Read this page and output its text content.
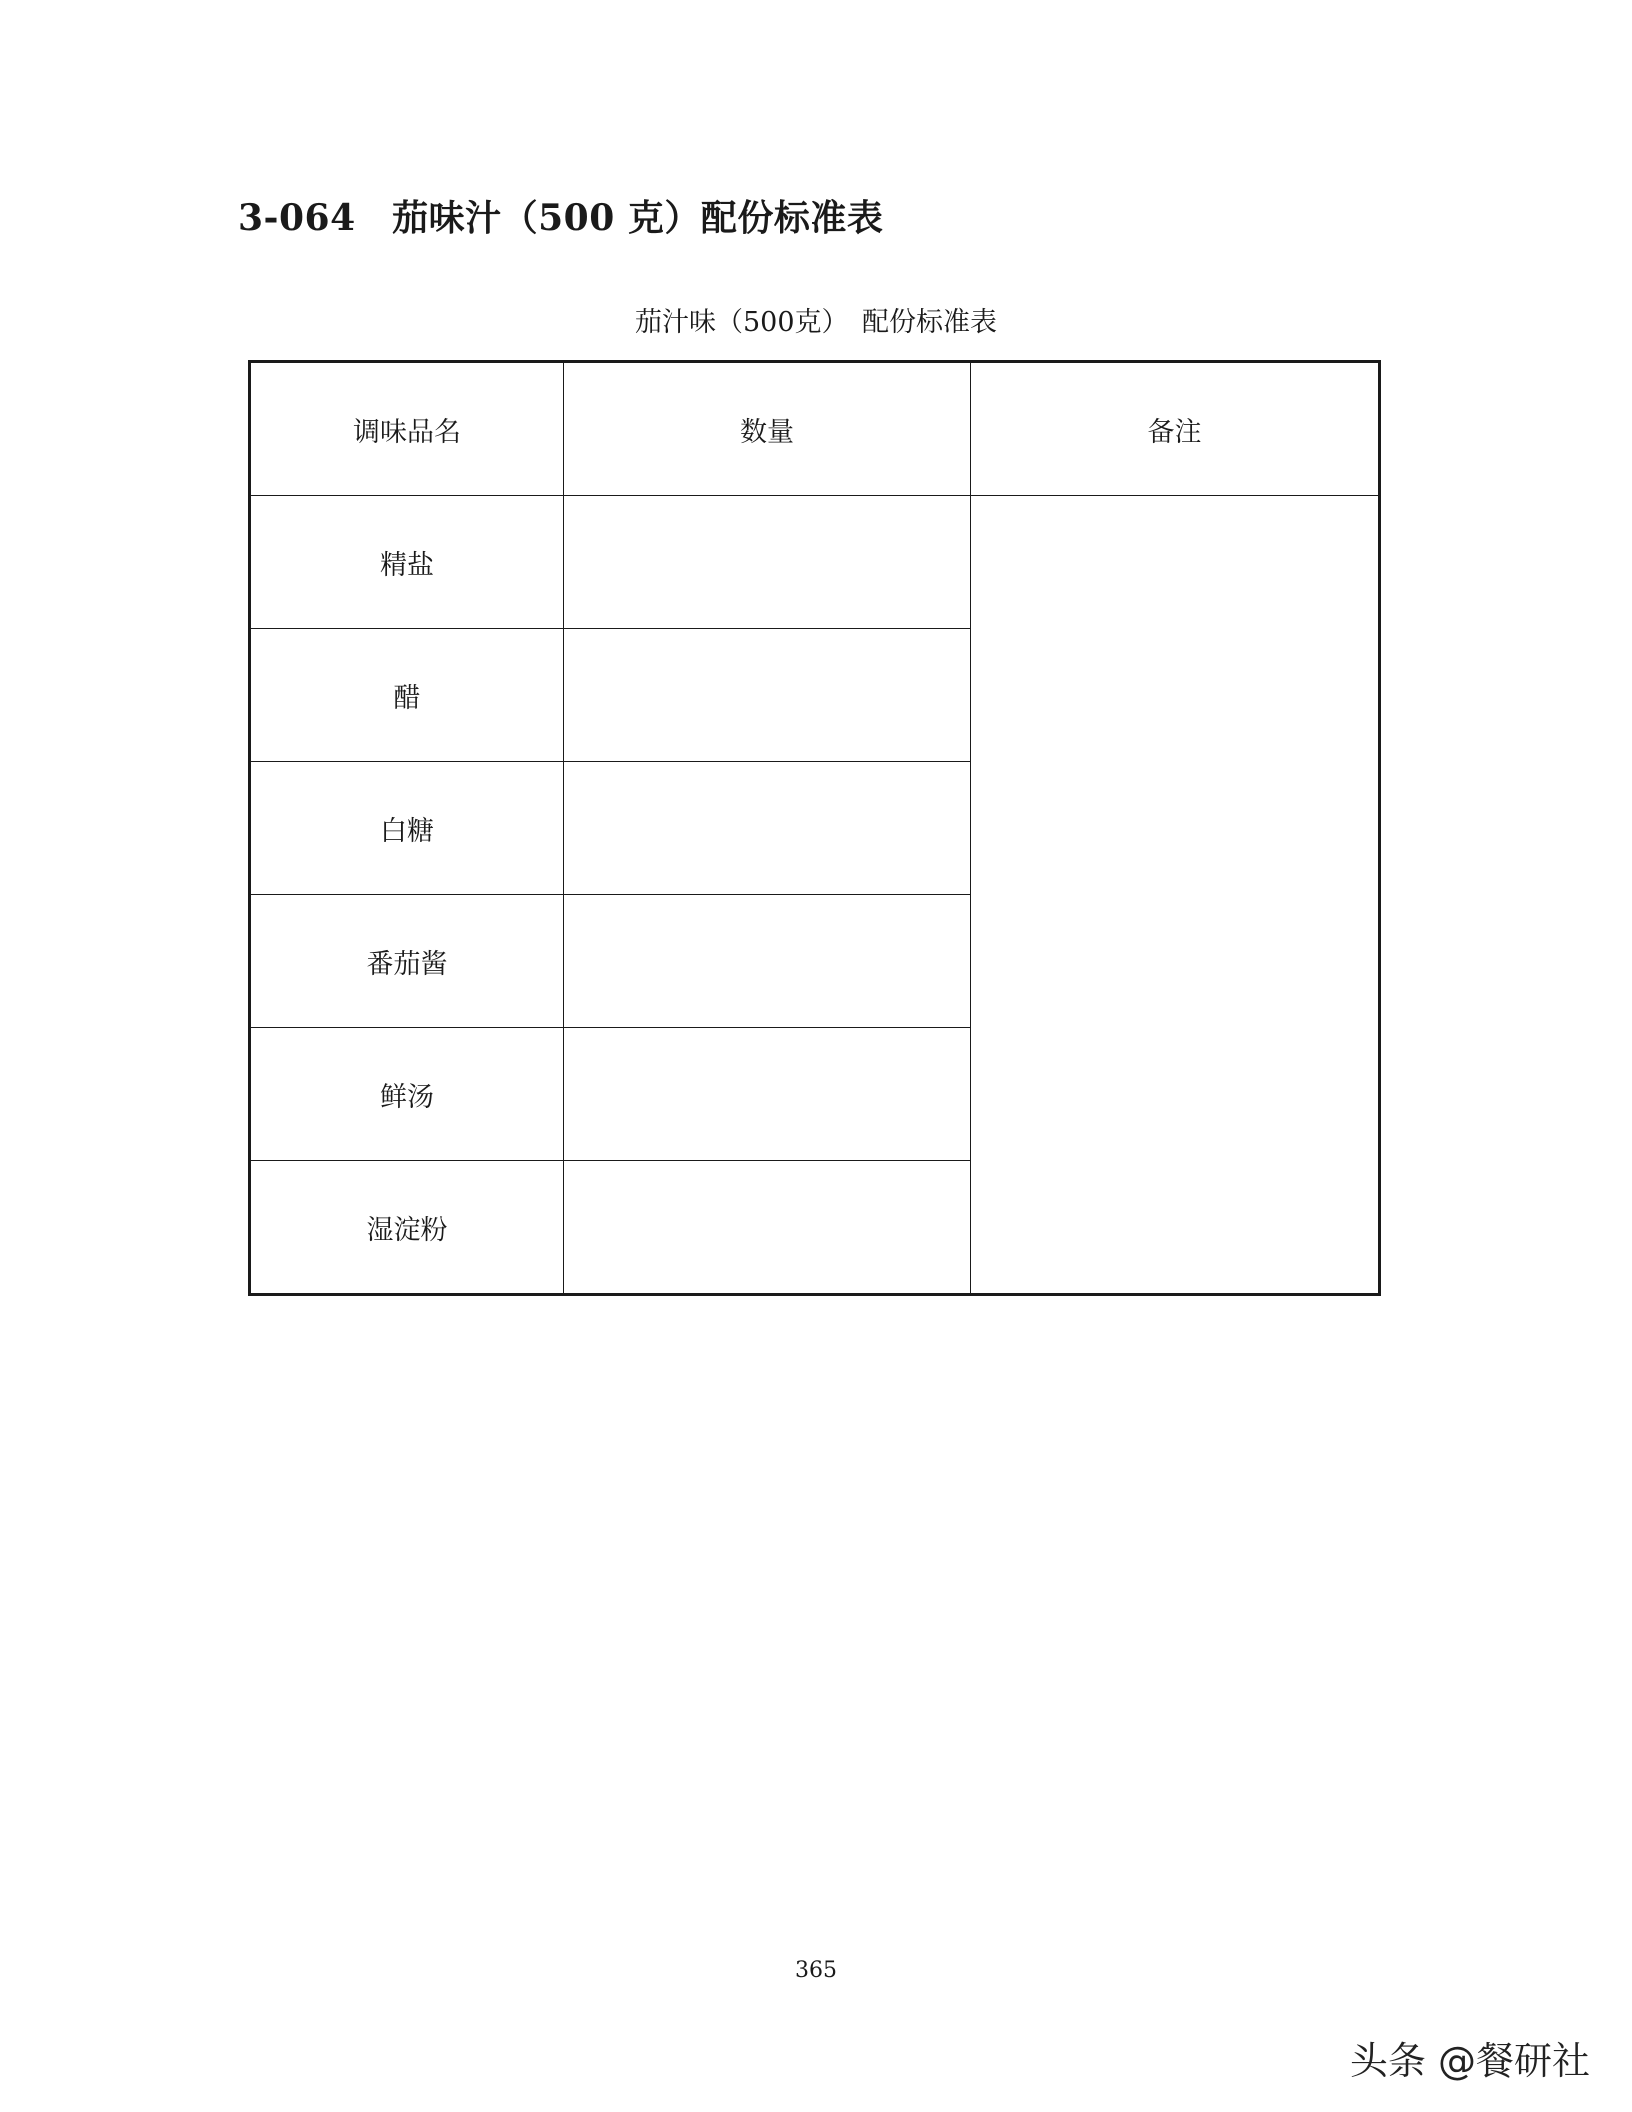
3-064　茄味汁（500 克）配份标准表
茄汁味（500克）　配份标准表
调味品名	数量	备注
精盐		
醋		
白糖		
番茄酱		
鲜汤		
湿淀粉		
365
头条 @餐研社
